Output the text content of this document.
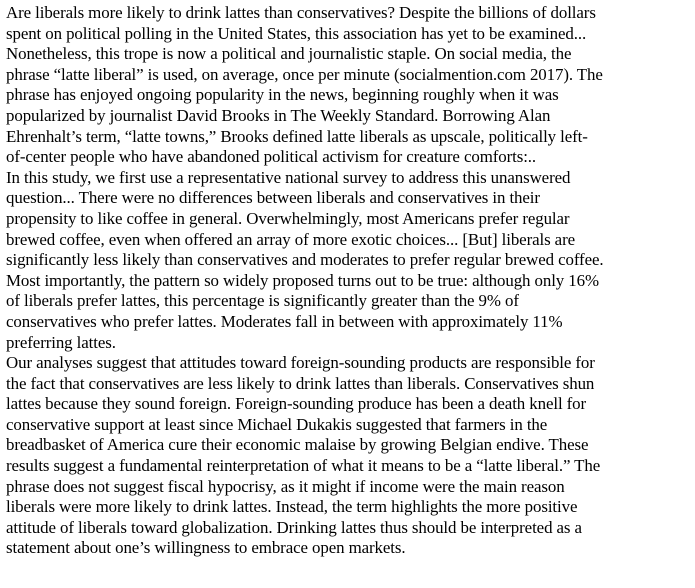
Are liberals more likely to drink lattes than conservatives? Despite the billions of dollars
spent on political polling in the United States, this association has yet to be examined...
Nonetheless, this trope is now a political and journalistic staple. On social media, the
phrase “latte liberal” is used, on average, once per minute (socialmention.com 2017). The
phrase has enjoyed ongoing popularity in the news, beginning roughly when it was
popularized by journalist David Brooks in The Weekly Standard. Borrowing Alan
Ehrenhalt’s term, “latte towns,” Brooks defined latte liberals as upscale, politically left-
of-center people who have abandoned political activism for creature comforts:..
In this study, we first use a representative national survey to address this unanswered
question... There were no differences between liberals and conservatives in their
propensity to like coffee in general. Overwhelmingly, most Americans prefer regular
brewed coffee, even when offered an array of more exotic choices... [But] liberals are
significantly less likely than conservatives and moderates to prefer regular brewed coffee.
Most importantly, the pattern so widely proposed turns out to be true: although only 16%
of liberals prefer lattes, this percentage is significantly greater than the 9% of
conservatives who prefer lattes. Moderates fall in between with approximately 11%
preferring lattes.
Our analyses suggest that attitudes toward foreign-sounding products are responsible for
the fact that conservatives are less likely to drink lattes than liberals. Conservatives shun
lattes because they sound foreign. Foreign-sounding produce has been a death knell for
conservative support at least since Michael Dukakis suggested that farmers in the
breadbasket of America cure their economic malaise by growing Belgian endive. These
results suggest a fundamental reinterpretation of what it means to be a “latte liberal.” The
phrase does not suggest fiscal hypocrisy, as it might if income were the main reason
liberals were more likely to drink lattes. Instead, the term highlights the more positive
attitude of liberals toward globalization. Drinking lattes thus should be interpreted as a
statement about one’s willingness to embrace open markets.
